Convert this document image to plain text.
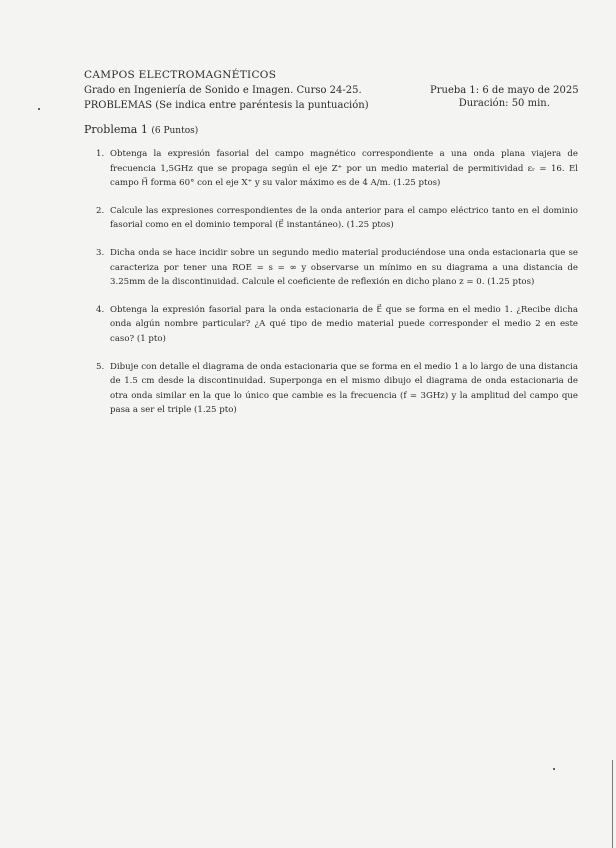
CAMPOS ELECTROMAGNÉTICOS
Grado en Ingeniería de Sonido e Imagen. Curso 24-25.
PROBLEMAS (Se indica entre paréntesis la puntuación)
Prueba 1: 6 de mayo de 2025
Duración: 50 min.
Problema 1 (6 Puntos)
1. Obtenga la expresión fasorial del campo magnético correspondiente a una onda plana viajera de frecuencia 1,5GHz que se propaga según el eje Z⁺ por un medio material de permitividad εᵣ = 16. El campo H⃗ forma 60° con el eje X⁺ y su valor máximo es de 4 A/m. (1.25 ptos)
2. Calcule las expresiones correspondientes de la onda anterior para el campo eléctrico tanto en el dominio fasorial como en el dominio temporal (E⃗ instantáneo). (1.25 ptos)
3. Dicha onda se hace incidir sobre un segundo medio material produciéndose una onda estacionaria que se caracteriza por tener una ROE = s = ∞ y observarse un mínimo en su diagrama a una distancia de 3.25mm de la discontinuidad. Calcule el coeficiente de reflexión en dicho plano z = 0. (1.25 ptos)
4. Obtenga la expresión fasorial para la onda estacionaria de E⃗ que se forma en el medio 1. ¿Recibe dicha onda algún nombre particular? ¿A qué tipo de medio material puede corresponder el medio 2 en este caso? (1 pto)
5. Dibuje con detalle el diagrama de onda estacionaria que se forma en el medio 1 a lo largo de una distancia de 1.5 cm desde la discontinuidad. Superponga en el mismo dibujo el diagrama de onda estacionaria de otra onda similar en la que lo único que cambie es la frecuencia (f = 3GHz) y la amplitud del campo que pasa a ser el triple (1.25 pto)
